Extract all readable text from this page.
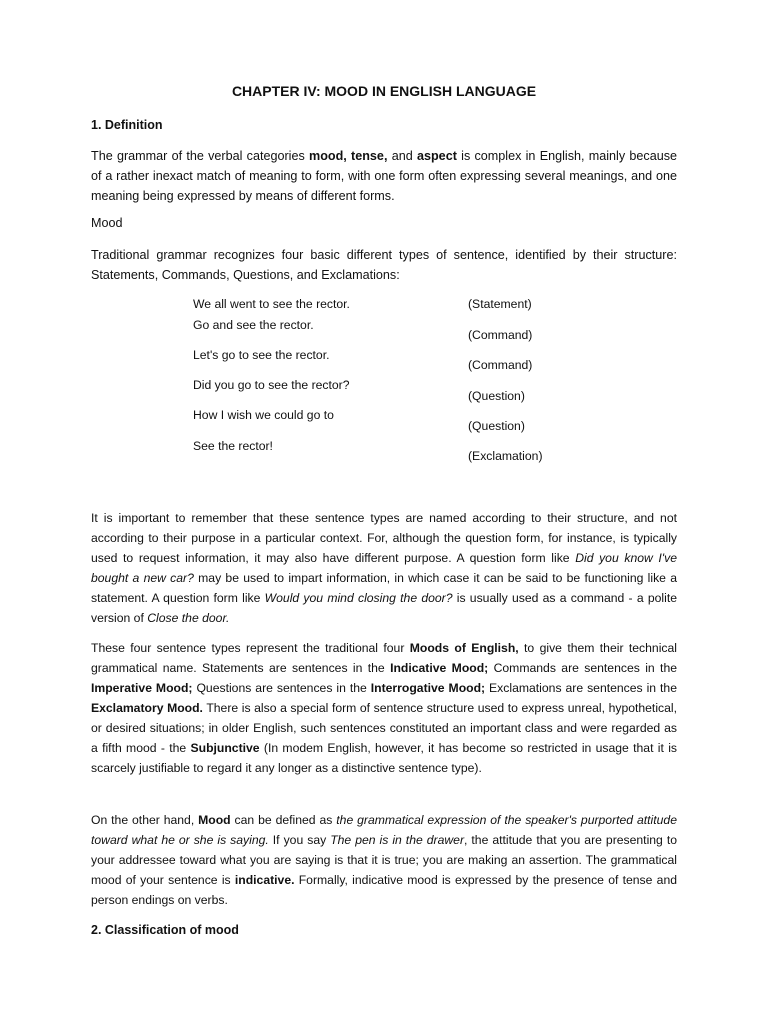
CHAPTER IV: MOOD IN ENGLISH LANGUAGE
1. Definition
The grammar of the verbal categories mood, tense, and aspect is complex in English, mainly because of a rather inexact match of meaning to form, with one form often expressing several meanings, and one meaning being expressed by means of different forms.
Mood
Traditional grammar recognizes four basic different types of sentence, identified by their structure: Statements, Commands, Questions, and Exclamations:
We all went to see the rector.
Go and see the rector.
Let's go to see the rector.
Did you go to see the rector?
How I wish we could go to
See the rector!
(Statement)
(Command)
(Command)
(Question)
(Question)
(Exclamation)
It is important to remember that these sentence types are named according to their structure, and not according to their purpose in a particular context. For, although the question form, for instance, is typically used to request information, it may also have different purpose. A question form like Did you know I've bought a new car? may be used to impart information, in which case it can be said to be functioning like a statement. A question form like Would you mind closing the door? is usually used as a command - a polite version of Close the door.
These four sentence types represent the traditional four Moods of English, to give them their technical grammatical name. Statements are sentences in the Indicative Mood; Commands are sentences in the Imperative Mood; Questions are sentences in the Interrogative Mood; Exclamations are sentences in the Exclamatory Mood. There is also a special form of sentence structure used to express unreal, hypothetical, or desired situations; in older English, such sentences constituted an important class and were regarded as a fifth mood - the Subjunctive (In modem English, however, it has become so restricted in usage that it is scarcely justifiable to regard it any longer as a distinctive sentence type).
On the other hand, Mood can be defined as the grammatical expression of the speaker's purported attitude toward what he or she is saying. If you say The pen is in the drawer, the attitude that you are presenting to your addressee toward what you are saying is that it is true; you are making an assertion. The grammatical mood of your sentence is indicative. Formally, indicative mood is expressed by the presence of tense and person endings on verbs.
2. Classification of mood
